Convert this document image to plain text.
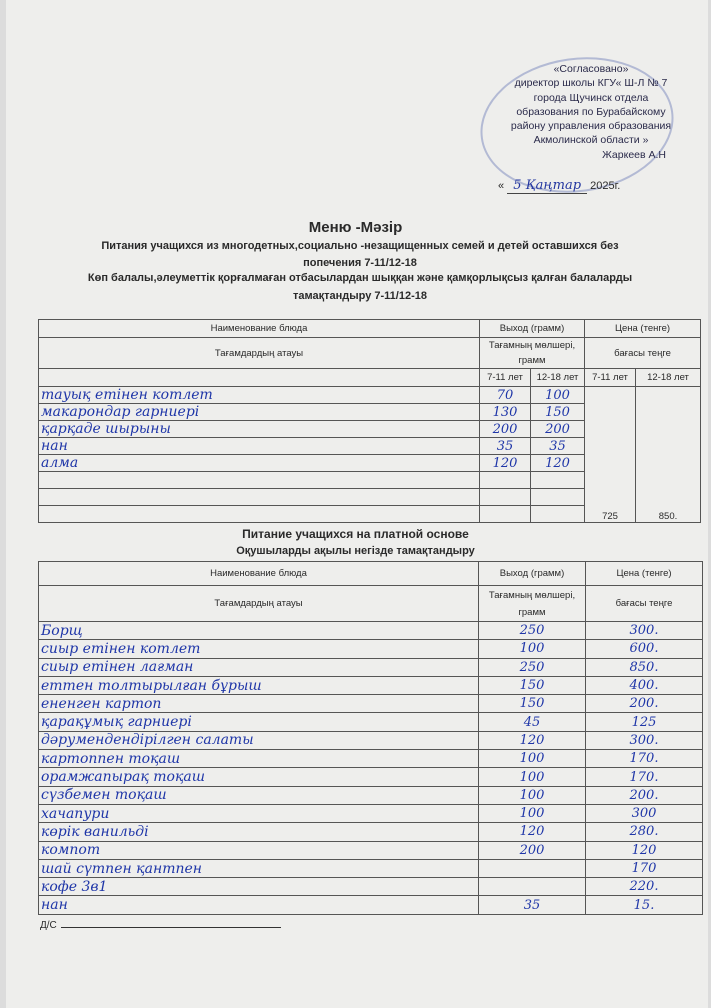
«Согласовано»
директор школы КГУ« Ш-Л № 7
города Щучинск отдела
образования по Бурабайскому
району управления образования
Акмолинской области »
Жаркеев А.Н
« 5 Қаңтар 2025г.
Меню -Мәзір
Питания учащихся из многодетных,социально -незащищенных семей и детей оставшихся без
попечения 7-11/12-18
Көп балалы,әлеуметтік қорғалмаған отбасылардан шыққан және қамқорлықсыз қалған балаларды
тамақтандыру 7-11/12-18
Наименование блюда	Выход (грамм)		Цена (тенге)	
Тағамдардың атауы	Тағамның мөлшері, грамм		бағасы теңге	
	7-11 лет	12-18 лет	7-11 лет	12-18 лет
тауық етінен котлет	70	100	725	850.
макарондар гарниері	130	150		
қарқаде шырыны	200	200		
нан	35	35		
алма	120	120		

Питание учащихся на платной основе
Оқушыларды ақылы негізде тамақтандыру
Наименование блюда	Выход (грамм)	Цена (тенге)
Тағамдардың атауы	Тағамның мөлшері, грамм	бағасы теңге
Борщ	250	300.
сиыр етінен котлет	100	600.
сиыр етінен лағман	250	850.
еттен толтырылған бұрыш	150	400.
ененген картоп	150	200.
қарақұмық гарниері	45	125
дәрумендендірілген салаты	120	300.
картоппен тоқаш	100	170.
орамжапырақ тоқаш	100	170.
сүзбемен тоқаш	100	200.
хачапури	100	300
көрік ванильді	120	280.
компот	200	120
шай сүтпен қантпен		170
кофе 3в1		220.
нан	35	15.
Д/С
